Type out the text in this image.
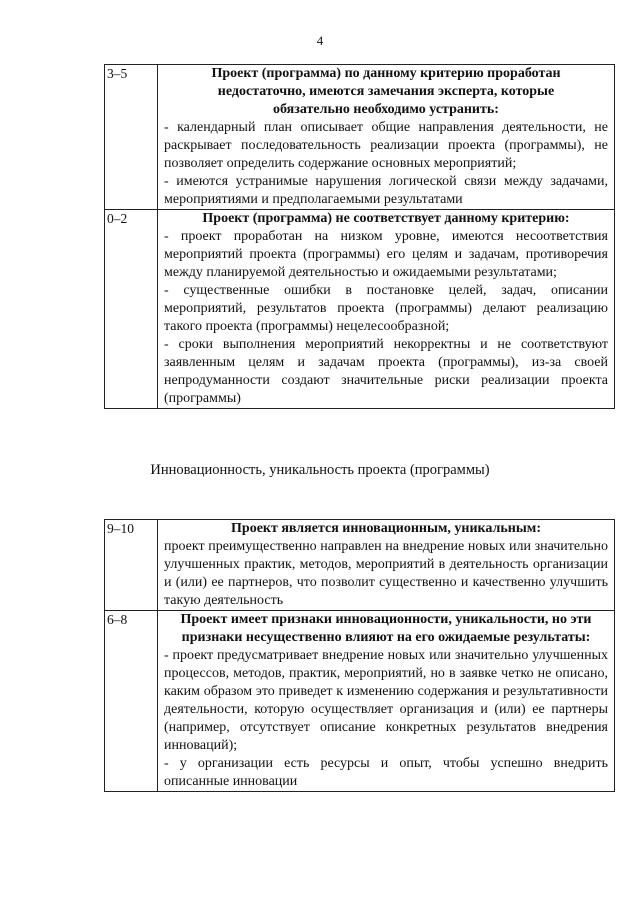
4
3–5	Проект (программа) по данному критерию проработан недостаточно, имеются замечания эксперта, которые обязательно необходимо устранить:
- календарный план описывает общие направления деятельности, не раскрывает последовательность реализации проекта (программы), не позволяет определить содержание основных мероприятий;
- имеются устранимые нарушения логической связи между задачами, мероприятиями и предполагаемыми результатами

0–2	Проект (программа) не соответствует данному критерию:
- проект проработан на низком уровне, имеются несоответствия мероприятий проекта (программы) его целям и задачам, противоречия между планируемой деятельностью и ожидаемыми результатами;
- существенные ошибки в постановке целей, задач, описании мероприятий, результатов проекта (программы) делают реализацию такого проекта (программы) нецелесообразной;
- сроки выполнения мероприятий некорректны и не соответствуют заявленным целям и задачам проекта (программы), из-за своей непродуманности создают значительные риски реализации проекта (программы)
Инновационность, уникальность проекта (программы)
9–10	Проект является инновационным, уникальным:
проект преимущественно направлен на внедрение новых или значительно улучшенных практик, методов, мероприятий в деятельность организации и (или) ее партнеров, что позволит существенно и качественно улучшить такую деятельность

6–8	Проект имеет признаки инновационности, уникальности, но эти признаки несущественно влияют на его ожидаемые результаты:
- проект предусматривает внедрение новых или значительно улучшенных процессов, методов, практик, мероприятий, но в заявке четко не описано, каким образом это приведет к изменению содержания и результативности деятельности, которую осуществляет организация и (или) ее партнеры (например, отсутствует описание конкретных результатов внедрения инноваций);
- у организации есть ресурсы и опыт, чтобы успешно внедрить описанные инновации
